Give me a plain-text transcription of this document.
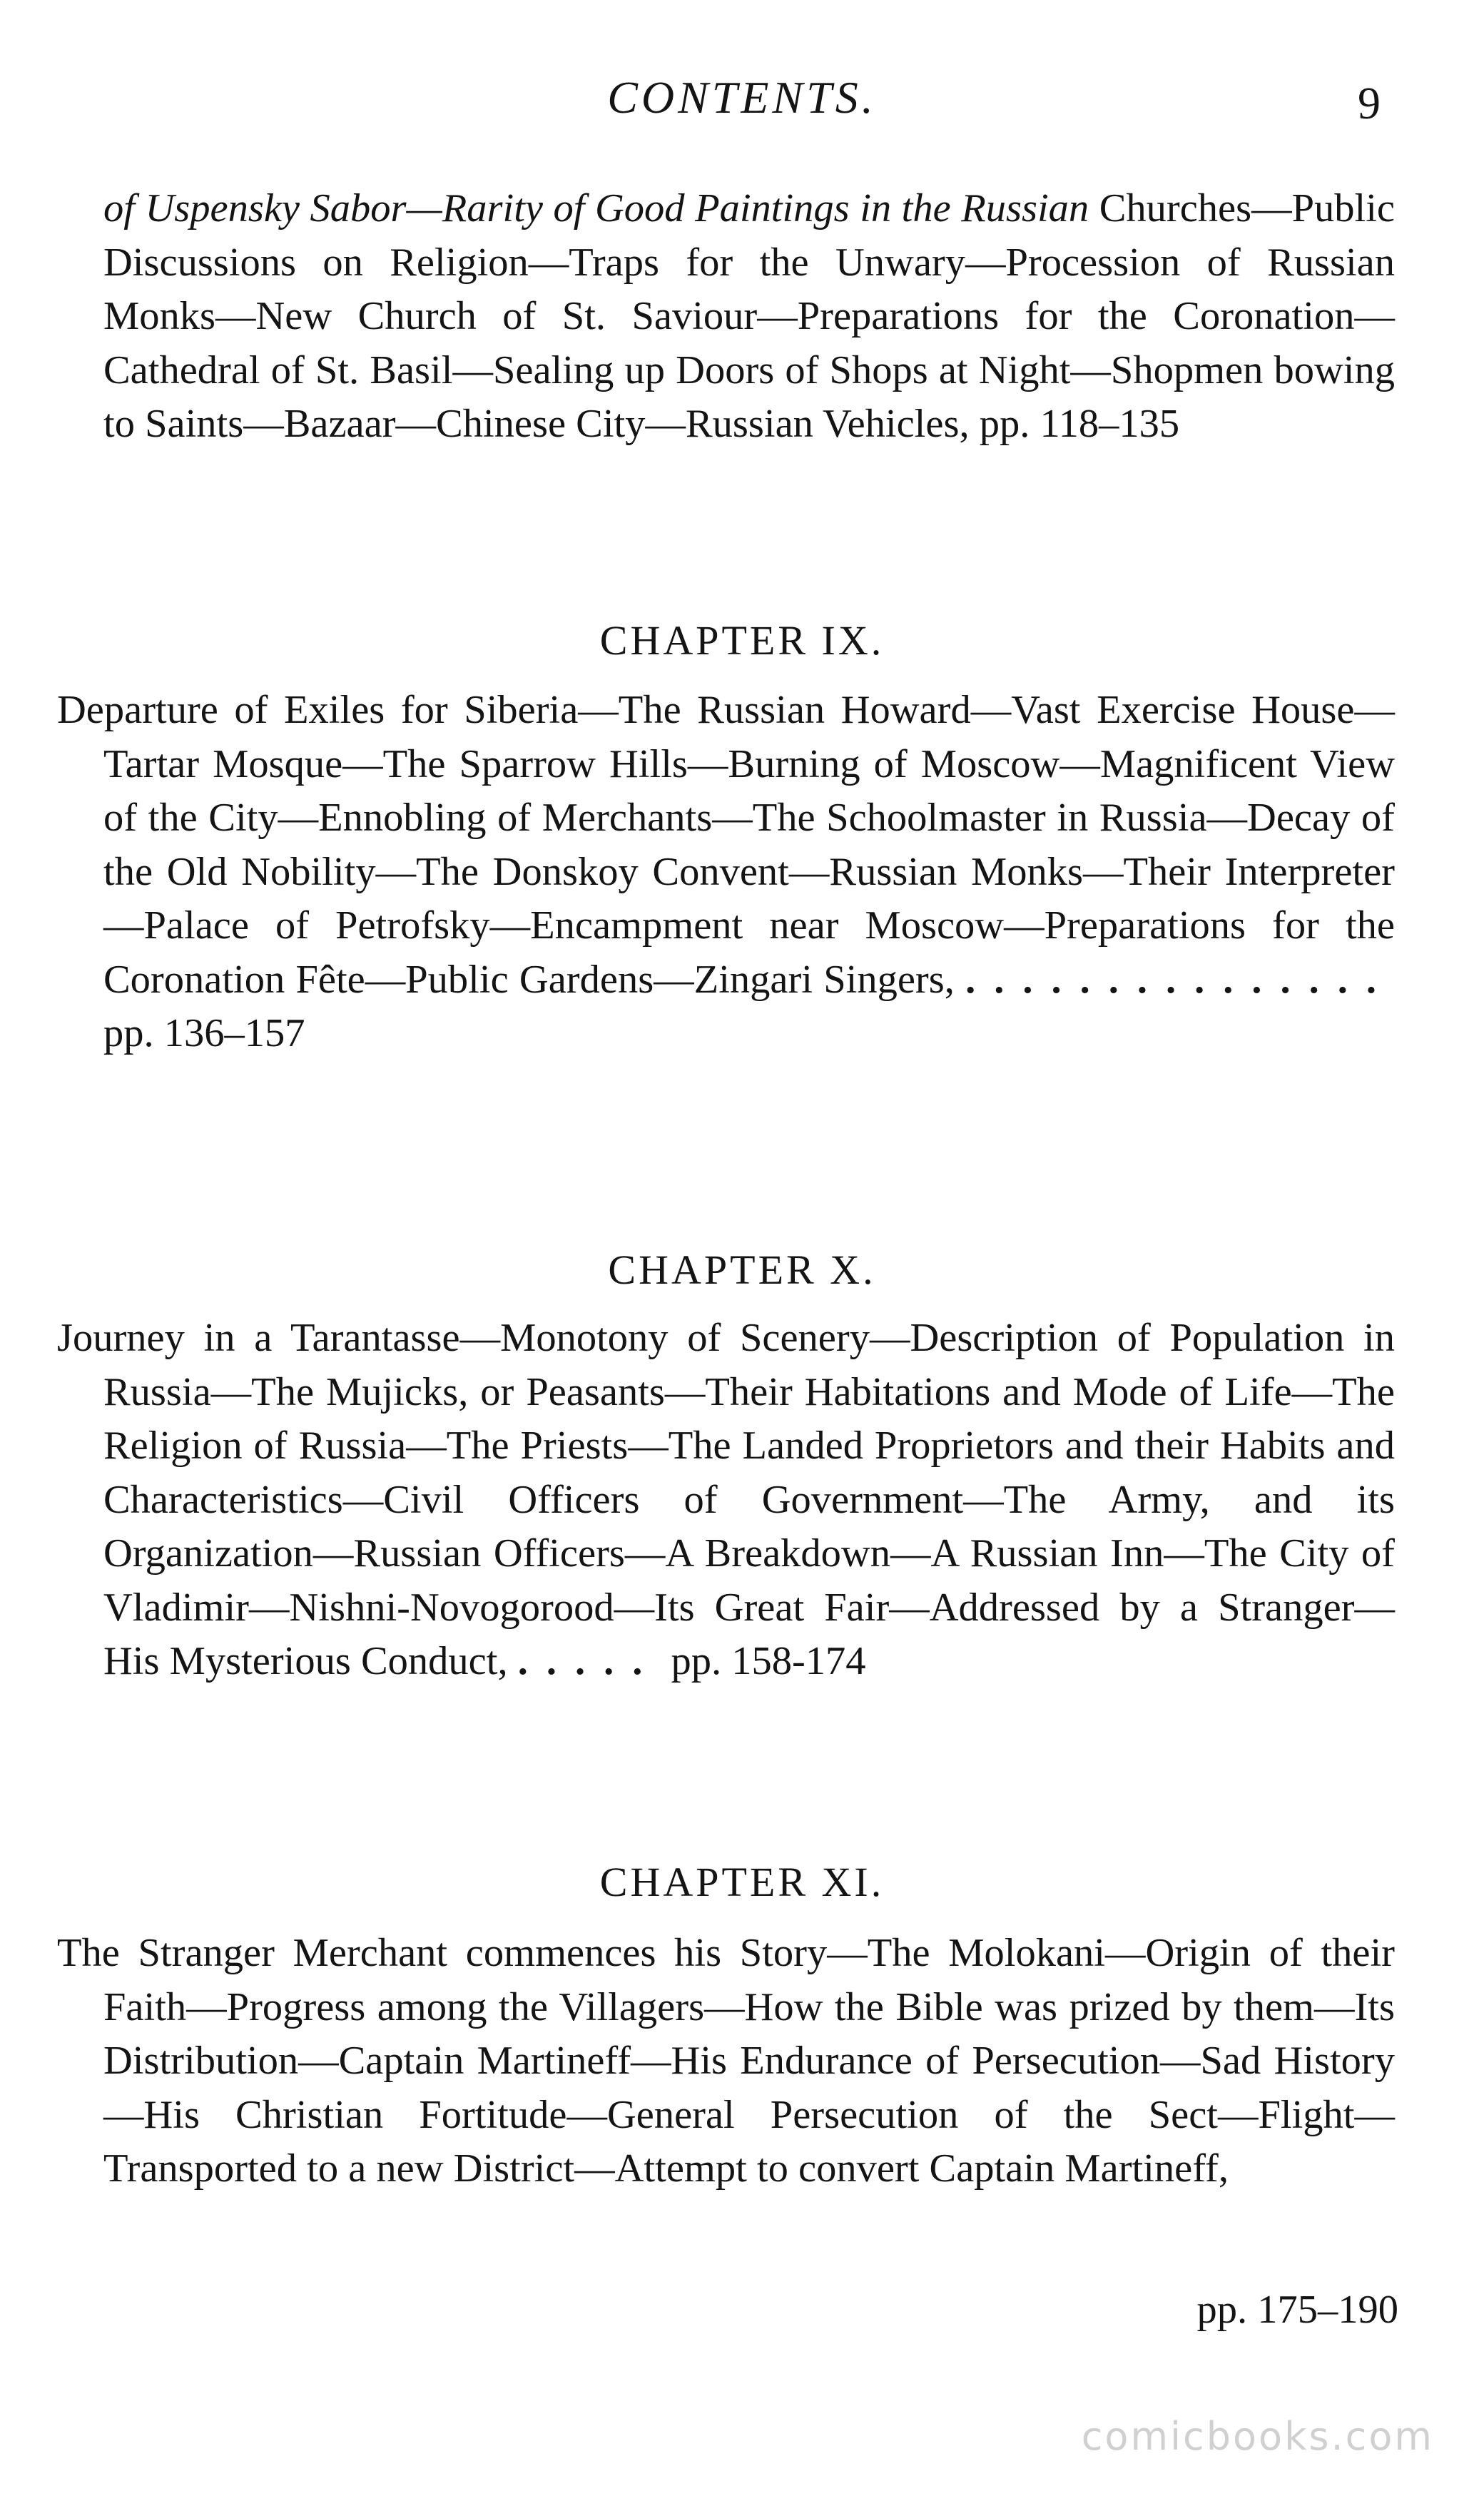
CONTENTS.	9
of Uspensky Sabor—Rarity of Good Paintings in the Russian Churches—Public Discussions on Religion—Traps for the Unwary—Procession of Russian Monks—New Church of St. Saviour—Preparations for the Coronation—Cathedral of St. Basil—Sealing up Doors of Shops at Night—Shopmen bowing to Saints—Bazaar—Chinese City—Russian Vehicles, pp. 118–135
CHAPTER IX.
Departure of Exiles for Siberia—The Russian Howard—Vast Exercise House—Tartar Mosque—The Sparrow Hills—Burning of Moscow—Magnificent View of the City—Ennobling of Merchants—The Schoolmaster in Russia—Decay of the Old Nobility—The Donskoy Convent—Russian Monks—Their Interpreter—Palace of Petrofsky—Encampment near Moscow—Preparations for the Coronation Fête—Public Gardens—Zingari Singers, ............... pp. 136–157
CHAPTER X.
Journey in a Tarantasse—Monotony of Scenery—Description of Population in Russia—The Mujicks, or Peasants—Their Habitations and Mode of Life—The Religion of Russia—The Priests—The Landed Proprietors and their Habits and Characteristics—Civil Officers of Government—The Army, and its Organization—Russian Officers—A Breakdown—A Russian Inn—The City of Vladimir—Nishni-Novogorood—Its Great Fair—Addressed by a Stranger—His Mysterious Conduct, ..... pp. 158-174
CHAPTER XI.
The Stranger Merchant commences his Story—The Molokani—Origin of their Faith—Progress among the Villagers—How the Bible was prized by them—Its Distribution—Captain Martineff—His Endurance of Persecution—Sad History—His Christian Fortitude—General Persecution of the Sect—Flight—Transported to a new District—Attempt to convert Captain Martineff,
pp. 175–190
comicbooks.com
